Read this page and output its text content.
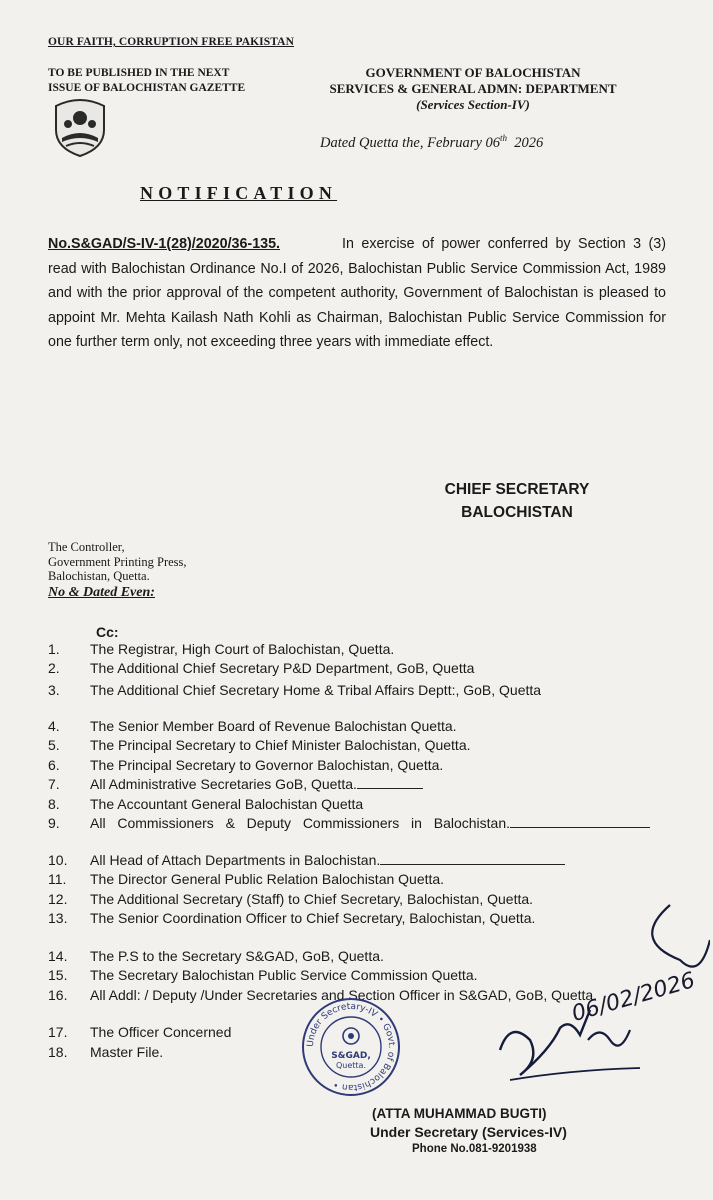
OUR FAITH, CORRUPTION FREE PAKISTAN
TO BE PUBLISHED IN THE NEXT
ISSUE OF BALOCHISTAN GAZETTE
GOVERNMENT OF BALOCHISTAN
SERVICES & GENERAL ADMN: DEPARTMENT
(Services Section-IV)
Dated Quetta the, February 06th 2026
NOTIFICATION

No.S&GAD/S-IV-1(28)/2020/36-135.	In exercise of power conferred by Section 3 (3) read with Balochistan Ordinance No.I of 2026, Balochistan Public Service Commission Act, 1989 and with the prior approval of the competent authority, Government of Balochistan is pleased to appoint Mr. Mehta Kailash Nath Kohli as Chairman, Balochistan Public Service Commission for one further term only, not exceeding three years with immediate effect.

CHIEF SECRETARY
BALOCHISTAN
The Controller,
Government Printing Press,
Balochistan, Quetta.
No & Dated Even:
Cc:
1.	The Registrar, High Court of Balochistan, Quetta.
2.	The Additional Chief Secretary P&D Department, GoB, Quetta
3.	The Additional Chief Secretary Home & Tribal Affairs Deptt:, GoB, Quetta
4.	The Senior Member Board of Revenue Balochistan Quetta.
5.	The Principal Secretary to Chief Minister Balochistan, Quetta.
6.	The Principal Secretary to Governor Balochistan, Quetta.
7.	All Administrative Secretaries GoB, Quetta.
8.	The Accountant General Balochistan Quetta
9.	All Commissioners & Deputy Commissioners in Balochistan.
10.	All Head of Attach Departments in Balochistan.
11.	The Director General Public Relation Balochistan Quetta.
12.	The Additional Secretary (Staff) to Chief Secretary, Balochistan, Quetta.
13.	The Senior Coordination Officer to Chief Secretary, Balochistan, Quetta.
14.	The P.S to the Secretary S&GAD, GoB, Quetta.
15.	The Secretary Balochistan Public Service Commission Quetta.
16.	All Addl: / Deputy /Under Secretaries and Section Officer in S&GAD, GoB, Quetta.
17.	The Officer Concerned
18.	Master File.
Under Secretary-IV • Govt. of Balochistan •
S&GAD,
Quetta.
06/02/2026
(ATTA MUHAMMAD BUGTI)
Under Secretary (Services-IV)
Phone No.081-9201938
